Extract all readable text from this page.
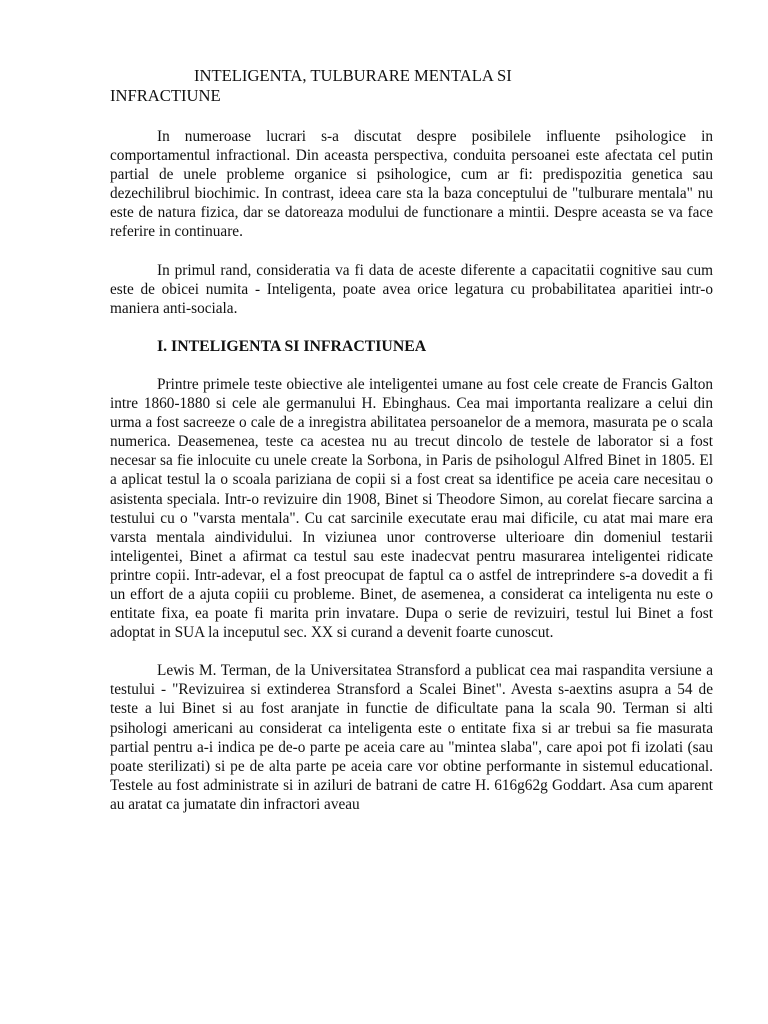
INTELIGENTA, TULBURARE MENTALA SI
INFRACTIUNE

In numeroase lucrari s-a discutat despre posibilele influente psihologice in comportamentul infractional. Din aceasta perspectiva, conduita persoanei este afectata cel putin partial de unele probleme organice si psihologice, cum ar fi: predispozitia genetica sau dezechilibrul biochimic. In contrast, ideea care sta la baza conceptului de "tulburare mentala" nu este de natura fizica, dar se datoreaza modului de functionare a mintii. Despre aceasta se va face referire in continuare.

In primul rand, consideratia va fi data de aceste diferente a capacitatii cognitive sau cum este de obicei numita - Inteligenta, poate avea orice legatura cu probabilitatea aparitiei intr-o maniera anti-sociala.

I. INTELIGENTA SI INFRACTIUNEA

Printre primele teste obiective ale inteligentei umane au fost cele create de Francis Galton intre 1860-1880 si cele ale germanului H. Ebinghaus. Cea mai importanta realizare a celui din urma a fost sacreeze o cale de a inregistra abilitatea persoanelor de a memora, masurata pe o scala numerica. Deasemenea, teste ca acestea nu au trecut dincolo de testele de laborator si a fost necesar sa fie inlocuite cu unele create la Sorbona, in Paris de psihologul Alfred Binet in 1805. El a aplicat testul la o scoala pariziana de copii si a fost creat sa identifice pe aceia care necesitau o asistenta speciala. Intr-o revizuire din 1908, Binet si Theodore Simon, au corelat fiecare sarcina a testului cu o "varsta mentala". Cu cat sarcinile executate erau mai dificile, cu atat mai mare era varsta mentala aindividului. In viziunea unor controverse ulterioare din domeniul testarii inteligentei, Binet a afirmat ca testul sau este inadecvat pentru masurarea inteligentei ridicate printre copii. Intr-adevar, el a fost preocupat de faptul ca o astfel de intreprindere s-a dovedit a fi un effort de a ajuta copiii cu probleme. Binet, de asemenea, a considerat ca inteligenta nu este o entitate fixa, ea poate fi marita prin invatare. Dupa o serie de revizuiri, testul lui Binet a fost adoptat in SUA la inceputul sec. XX si curand a devenit foarte cunoscut.

Lewis M. Terman, de la Universitatea Stransford a publicat cea mai raspandita versiune a testului - "Revizuirea si extinderea Stransford a Scalei Binet". Avesta s-aextins asupra a 54 de teste a lui Binet si au fost aranjate in functie de dificultate pana la scala 90. Terman si alti psihologi americani au considerat ca inteligenta este o entitate fixa si ar trebui sa fie masurata partial pentru a-i indica pe de-o parte pe aceia care au "mintea slaba", care apoi pot fi izolati (sau poate sterilizati) si pe de alta parte pe aceia care vor obtine performante in sistemul educational. Testele au fost administrate si in aziluri de batrani de catre H. 616g62g Goddart. Asa cum aparent au aratat ca jumatate din infractori aveau
